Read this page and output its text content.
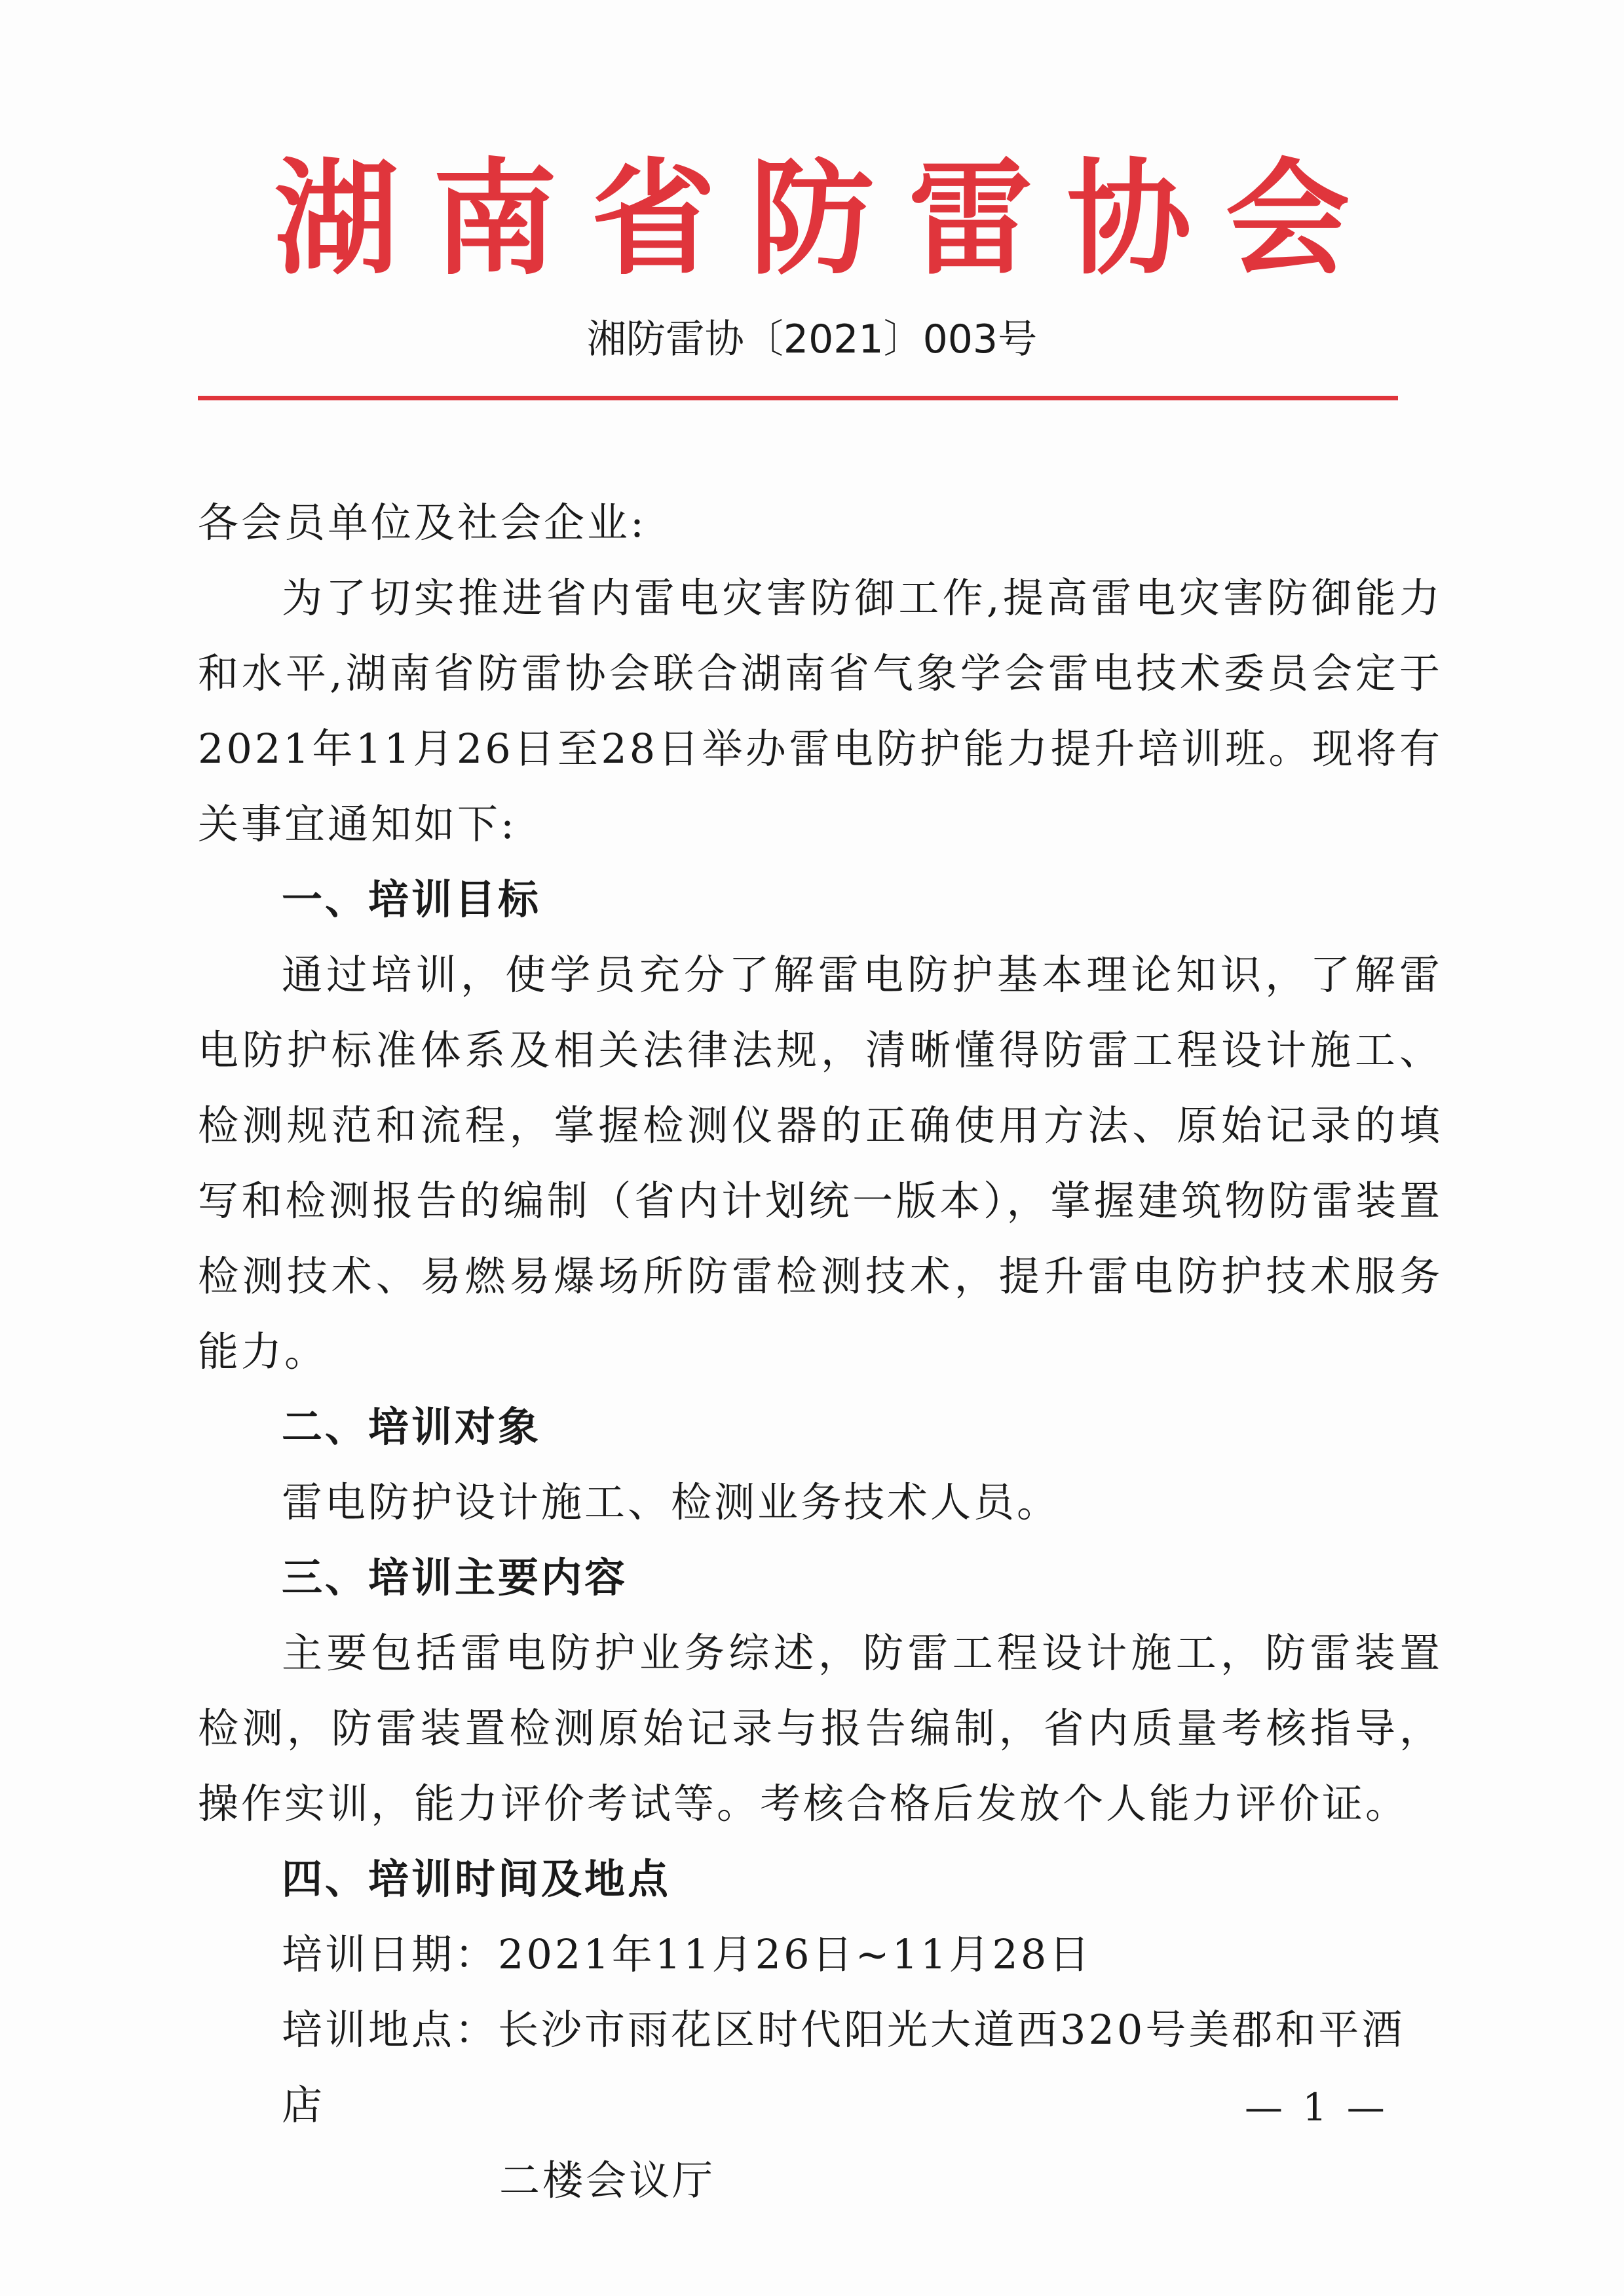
湖南省防雷协会
湘防雷协〔2021〕003号

各会员单位及社会企业:

为了切实推进省内雷电灾害防御工作,提高雷电灾害防御能力和水平,湖南省防雷协会联合湖南省气象学会雷电技术委员会定于2021年11月26日至28日举办雷电防护能力提升培训班。现将有关事宜通知如下:

一、培训目标

通过培训，使学员充分了解雷电防护基本理论知识，了解雷电防护标准体系及相关法律法规，清晰懂得防雷工程设计施工、检测规范和流程，掌握检测仪器的正确使用方法、原始记录的填写和检测报告的编制（省内计划统一版本），掌握建筑物防雷装置检测技术、易燃易爆场所防雷检测技术，提升雷电防护技术服务能力。

二、培训对象

雷电防护设计施工、检测业务技术人员。

三、培训主要内容

主要包括雷电防护业务综述，防雷工程设计施工，防雷装置检测，防雷装置检测原始记录与报告编制，省内质量考核指导，操作实训，能力评价考试等。考核合格后发放个人能力评价证。

四、培训时间及地点

培训日期：2021年11月26日~11月28日

培训地点：长沙市雨花区时代阳光大道西320号美郡和平酒店

二楼会议厅

— 1 —
